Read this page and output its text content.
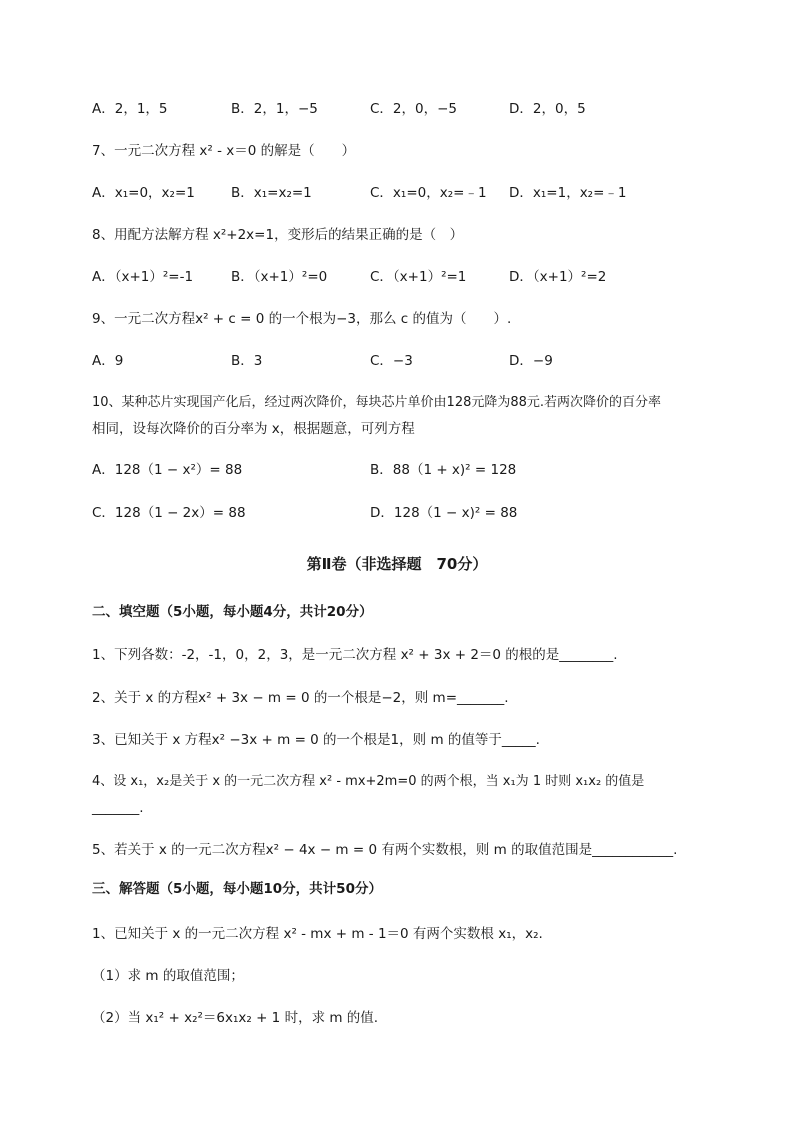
A．2，1，5	B．2，1，−5	C．2，0，−5	D．2，0，5
7、一元二次方程 x² - x＝0 的解是（　　）
A．x₁=0，x₂=1	B．x₁=x₂=1	C．x₁=0，x₂=﹣1 D．x₁=1，x₂=﹣1
8、用配方法解方程 x²+2x=1，变形后的结果正确的是（　）
A．（x+1）²=-1	B．（x+1）²=0	C．（x+1）²=1	D．（x+1）²=2
9、一元二次方程x² + c = 0 的一个根为−3，那么 c 的值为（　　）.
A．9	B．3	C．−3	D．−9
10、某种芯片实现国产化后，经过两次降价，每块芯片单价由128元降为88元.若两次降价的百分率
相同，设每次降价的百分率为 x，根据题意，可列方程
A．128（1 − x²）= 88	B．88（1 + x)² = 128
C．128（1 − 2x）= 88	D．128（1 − x)² = 88
第Ⅱ卷（非选择题　70分）
二、填空题（5小题，每小题4分，共计20分）
1、下列各数：-2，-1，0，2，3，是一元二次方程 x² + 3x + 2＝0 的根的是________.
2、关于 x 的方程x² + 3x − m = 0 的一个根是−2，则 m=_______.
3、已知关于 x 方程x² −3x + m = 0 的一个根是1，则 m 的值等于_____.
4、设 x₁，x₂是关于 x 的一元二次方程 x² - mx+2m=0 的两个根，当 x₁为 1 时则 x₁x₂ 的值是
_______.
5、若关于 x 的一元二次方程x² − 4x − m = 0 有两个实数根，则 m 的取值范围是____________.
三、解答题（5小题，每小题10分，共计50分）
1、已知关于 x 的一元二次方程 x² - mx + m - 1＝0 有两个实数根 x₁，x₂.
（1）求 m 的取值范围；
（2）当 x₁² + x₂²＝6x₁x₂ + 1 时，求 m 的值.
